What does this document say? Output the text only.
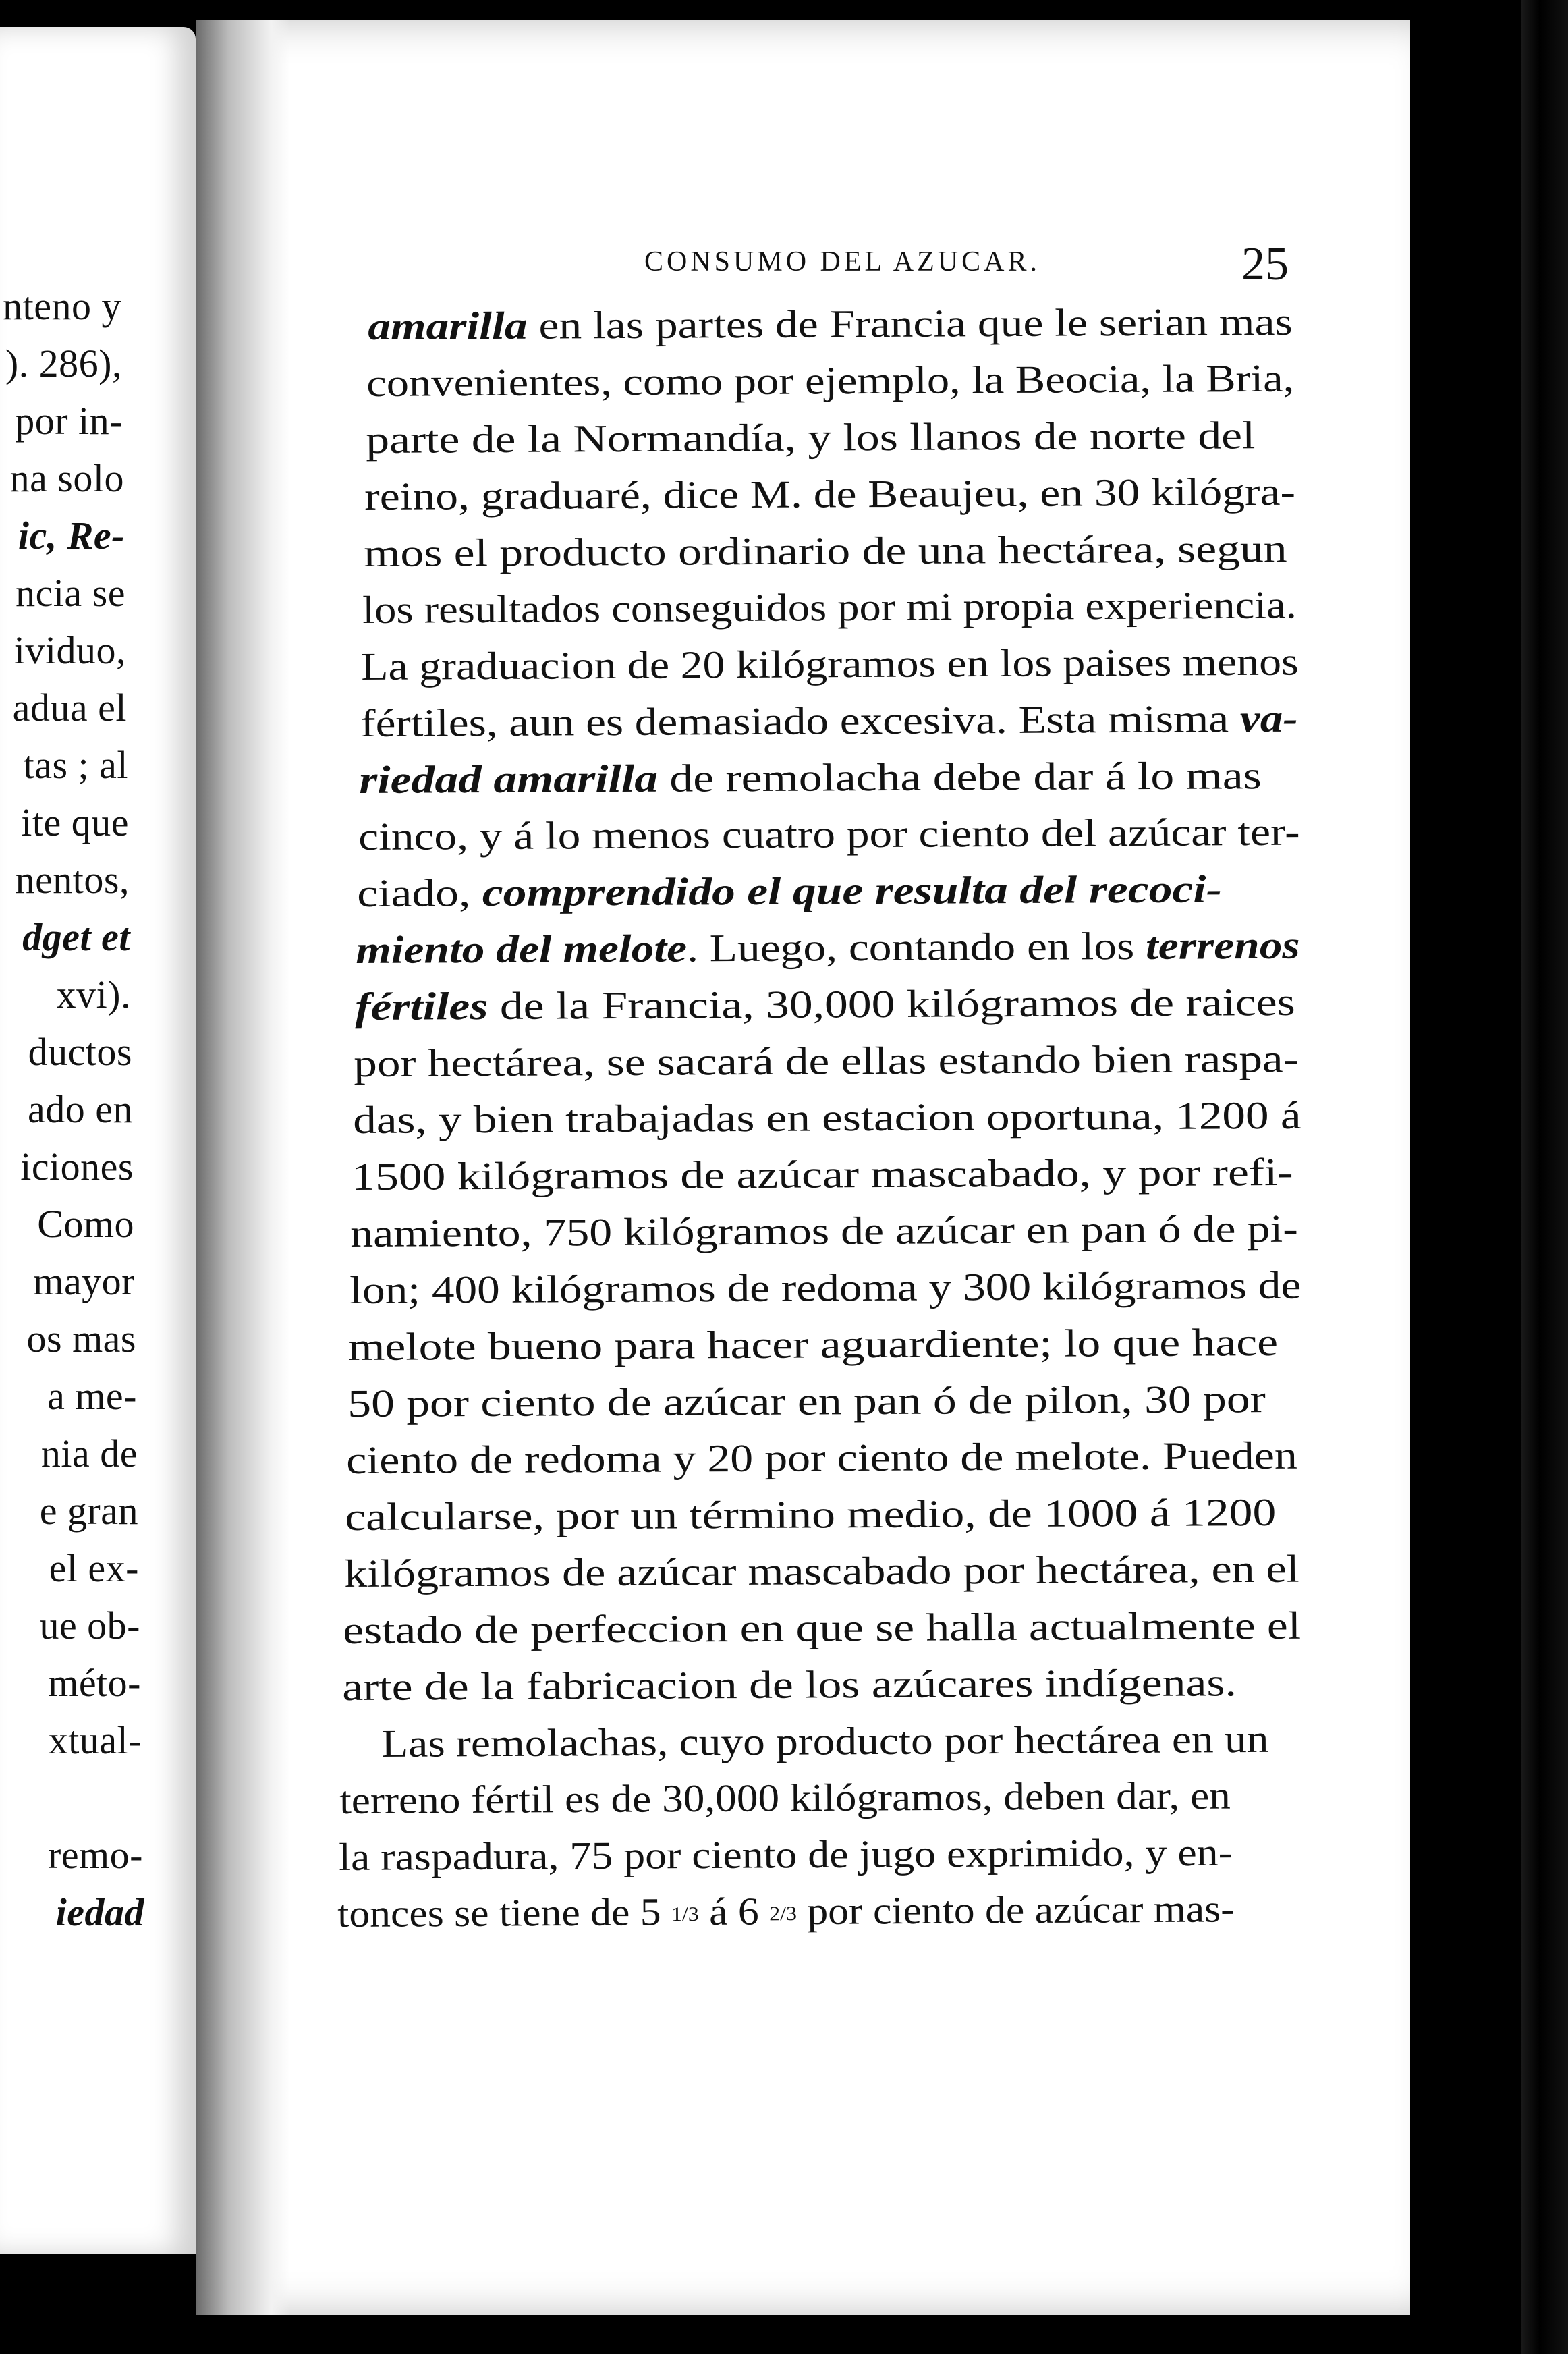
nteno y
). 286),
por in-
na solo
ic, Re-
ncia se
ividuo,
adua el
tas ; al
ite que
nentos,
dget et
xvi).
ductos
ado en
iciones
Como
mayor
os mas
a me-
nia de
e gran
el ex-
ue ob-
méto-
xtual-
remo-
iedad
CONSUMO DEL AZUCAR.	25
amarilla en las partes de Francia que le serian mas
convenientes, como por ejemplo, la Beocia, la Bria,
parte de la Normandía, y los llanos de norte del
reino, graduaré, dice M. de Beaujeu, en 30 kilógra-
mos el producto ordinario de una hectárea, segun
los resultados conseguidos por mi propia experiencia.
La graduacion de 20 kilógramos en los paises menos
fértiles, aun es demasiado excesiva. Esta misma va-
riedad amarilla de remolacha debe dar á lo mas
cinco, y á lo menos cuatro por ciento del azúcar ter-
ciado, comprendido el que resulta del recoci-
miento del melote. Luego, contando en los terrenos
fértiles de la Francia, 30,000 kilógramos de raices
por hectárea, se sacará de ellas estando bien raspa-
das, y bien trabajadas en estacion oportuna, 1200 á
1500 kilógramos de azúcar mascabado, y por refi-
namiento, 750 kilógramos de azúcar en pan ó de pi-
lon; 400 kilógramos de redoma y 300 kilógramos de
melote bueno para hacer aguardiente; lo que hace
50 por ciento de azúcar en pan ó de pilon, 30 por
ciento de redoma y 20 por ciento de melote. Pueden
calcularse, por un término medio, de 1000 á 1200
kilógramos de azúcar mascabado por hectárea, en el
estado de perfeccion en que se halla actualmente el
arte de la fabricacion de los azúcares indígenas.
Las remolachas, cuyo producto por hectárea en un
terreno fértil es de 30,000 kilógramos, deben dar, en
la raspadura, 75 por ciento de jugo exprimido, y en-
tonces se tiene de 5 1/3 á 6 2/3 por ciento de azúcar mas-
